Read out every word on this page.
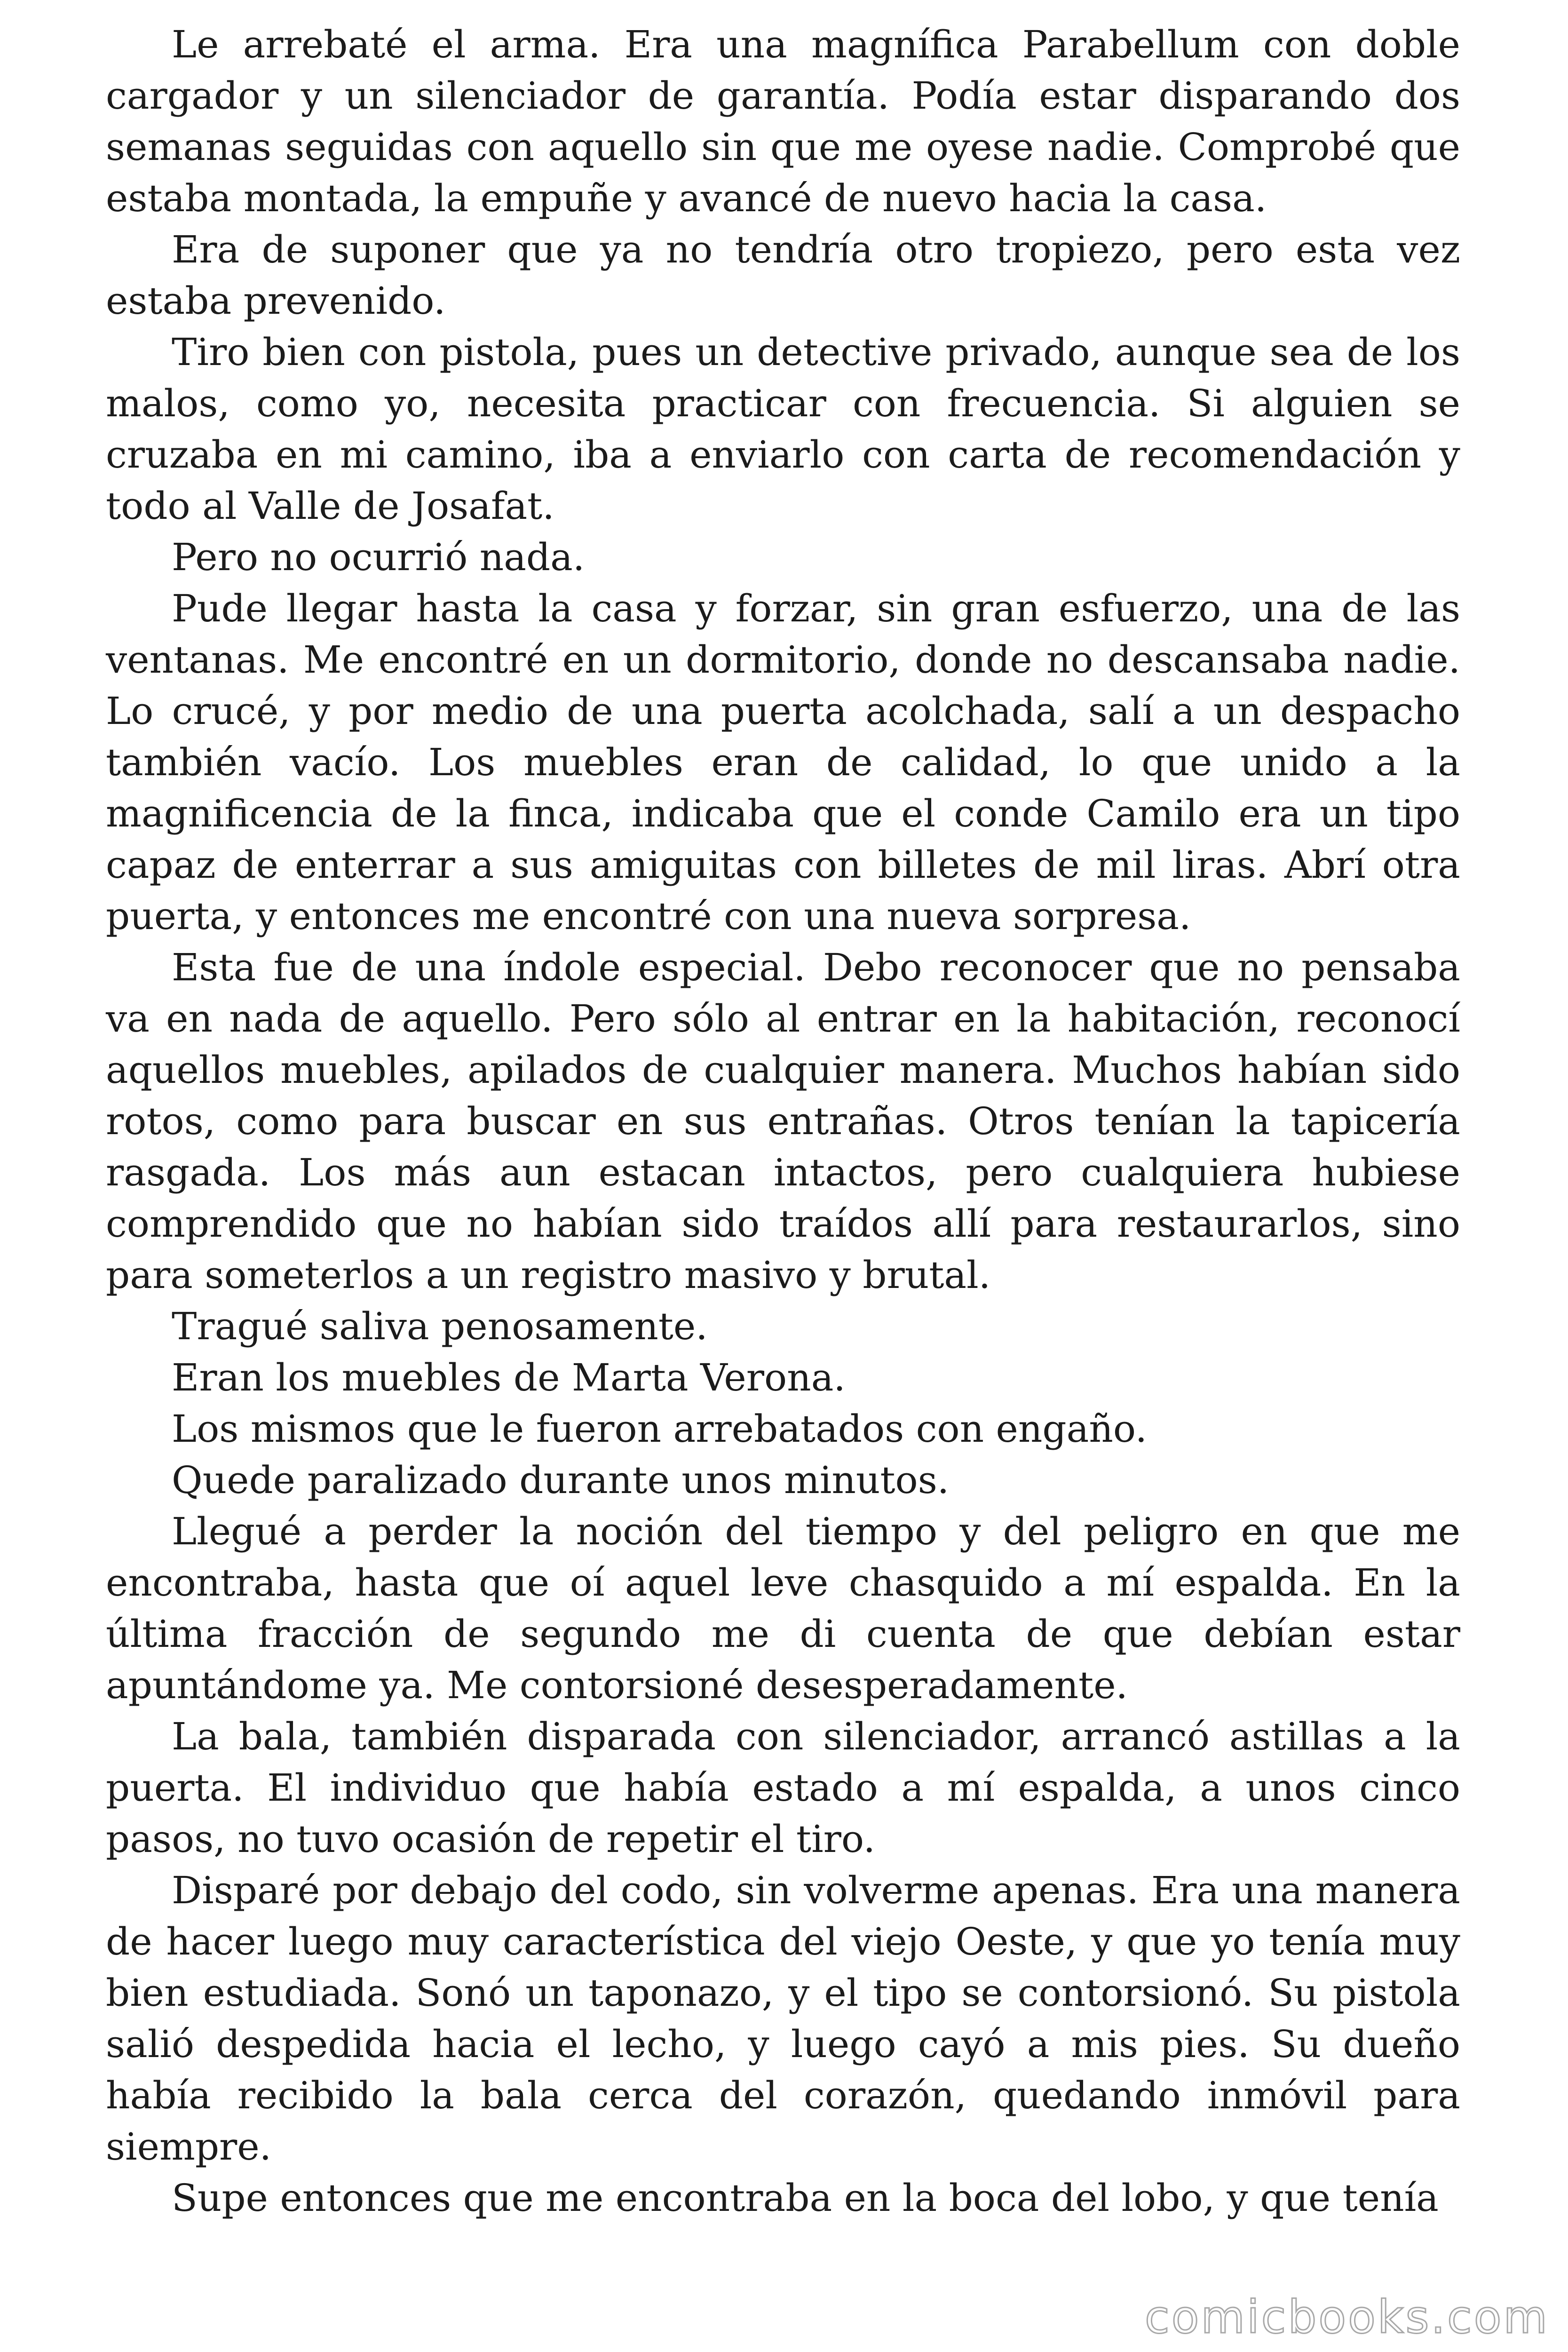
Le arrebaté el arma. Era una magnífica Parabellum con doble cargador y un silenciador de garantía. Podía estar disparando dos semanas seguidas con aquello sin que me oyese nadie. Comprobé que estaba montada, la empuñe y avancé de nuevo hacia la casa.

Era de suponer que ya no tendría otro tropiezo, pero esta vez estaba prevenido.

Tiro bien con pistola, pues un detective privado, aunque sea de los malos, como yo, necesita practicar con frecuencia. Si alguien se cruzaba en mi camino, iba a enviarlo con carta de recomendación y todo al Valle de Josafat.

Pero no ocurrió nada.

Pude llegar hasta la casa y forzar, sin gran esfuerzo, una de las ventanas. Me encontré en un dormitorio, donde no descansaba nadie. Lo crucé, y por medio de una puerta acolchada, salí a un despacho también vacío. Los muebles eran de calidad, lo que unido a la magnificencia de la finca, indicaba que el conde Camilo era un tipo capaz de enterrar a sus amiguitas con billetes de mil liras. Abrí otra puerta, y entonces me encontré con una nueva sorpresa.

Esta fue de una índole especial. Debo reconocer que no pensaba va en nada de aquello. Pero sólo al entrar en la habitación, reconocí aquellos muebles, apilados de cualquier manera. Muchos habían sido rotos, como para buscar en sus entrañas. Otros tenían la tapicería rasgada. Los más aun estacan intactos, pero cualquiera hubiese comprendido que no habían sido traídos allí para restaurarlos, sino para someterlos a un registro masivo y brutal.

Tragué saliva penosamente.

Eran los muebles de Marta Verona.

Los mismos que le fueron arrebatados con engaño.

Quede paralizado durante unos minutos.

Llegué a perder la noción del tiempo y del peligro en que me encontraba, hasta que oí aquel leve chasquido a mí espalda. En la última fracción de segundo me di cuenta de que debían estar apuntándome ya. Me contorsioné desesperadamente.

La bala, también disparada con silenciador, arrancó astillas a la puerta. El individuo que había estado a mí espalda, a unos cinco pasos, no tuvo ocasión de repetir el tiro.

Disparé por debajo del codo, sin volverme apenas. Era una manera de hacer luego muy característica del viejo Oeste, y que yo tenía muy bien estudiada. Sonó un taponazo, y el tipo se contorsionó. Su pistola salió despedida hacia el lecho, y luego cayó a mis pies. Su dueño había recibido la bala cerca del corazón, quedando inmóvil para siempre.

Supe entonces que me encontraba en la boca del lobo, y que tenía

comicbooks.com
